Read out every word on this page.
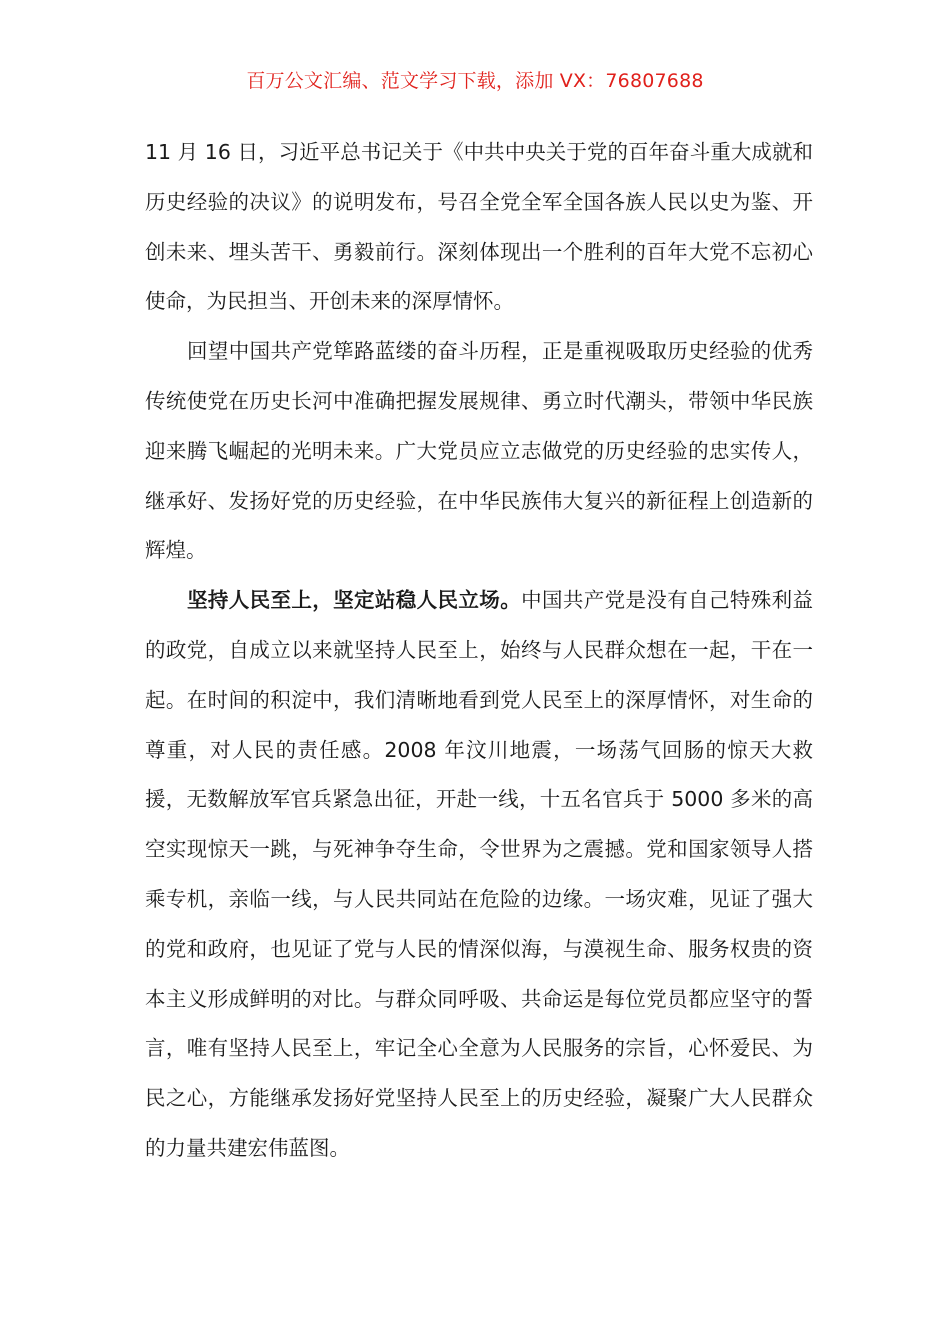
百万公文汇编、范文学习下载，添加 VX：76807688

11 月 16 日，习近平总书记关于《中共中央关于党的百年奋斗重大成就和历史经验的决议》的说明发布，号召全党全军全国各族人民以史为鉴、开创未来、埋头苦干、勇毅前行。深刻体现出一个胜利的百年大党不忘初心使命，为民担当、开创未来的深厚情怀。

回望中国共产党筚路蓝缕的奋斗历程，正是重视吸取历史经验的优秀传统使党在历史长河中准确把握发展规律、勇立时代潮头，带领中华民族迎来腾飞崛起的光明未来。广大党员应立志做党的历史经验的忠实传人，继承好、发扬好党的历史经验，在中华民族伟大复兴的新征程上创造新的辉煌。

坚持人民至上，坚定站稳人民立场。中国共产党是没有自己特殊利益的政党，自成立以来就坚持人民至上，始终与人民群众想在一起，干在一起。在时间的积淀中，我们清晰地看到党人民至上的深厚情怀，对生命的尊重，对人民的责任感。2008 年汶川地震，一场荡气回肠的惊天大救援，无数解放军官兵紧急出征，开赴一线，十五名官兵于 5000 多米的高空实现惊天一跳，与死神争夺生命，令世界为之震撼。党和国家领导人搭乘专机，亲临一线，与人民共同站在危险的边缘。一场灾难，见证了强大的党和政府，也见证了党与人民的情深似海，与漠视生命、服务权贵的资本主义形成鲜明的对比。与群众同呼吸、共命运是每位党员都应坚守的誓言，唯有坚持人民至上，牢记全心全意为人民服务的宗旨，心怀爱民、为民之心，方能继承发扬好党坚持人民至上的历史经验，凝聚广大人民群众的力量共建宏伟蓝图。
